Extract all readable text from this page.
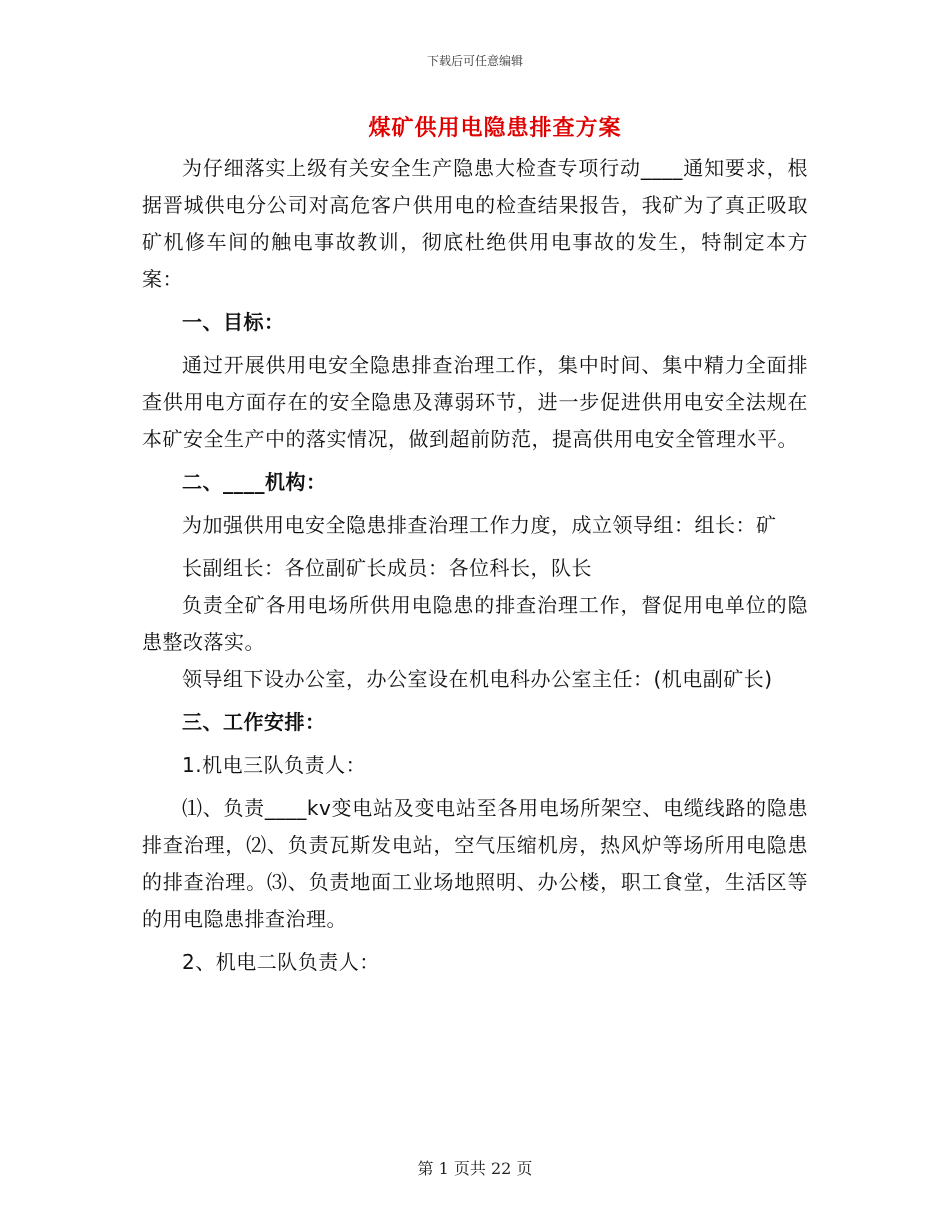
下载后可任意编辑
煤矿供用电隐患排查方案

为仔细落实上级有关安全生产隐患大检查专项行动____通知要求，根据晋城供电分公司对高危客户供用电的检查结果报告，我矿为了真正吸取矿机修车间的触电事故教训，彻底杜绝供用电事故的发生，特制定本方案：

一、目标：

通过开展供用电安全隐患排查治理工作，集中时间、集中精力全面排查供用电方面存在的安全隐患及薄弱环节，进一步促进供用电安全法规在本矿安全生产中的落实情况，做到超前防范，提高供用电安全管理水平。

二、____机构：

为加强供用电安全隐患排查治理工作力度，成立领导组：组长：矿

长副组长：各位副矿长成员：各位科长，队长

负责全矿各用电场所供用电隐患的排查治理工作，督促用电单位的隐患整改落实。

领导组下设办公室，办公室设在机电科办公室主任：(机电副矿长)

三、工作安排：

1.机电三队负责人：

⑴、负责____kv变电站及变电站至各用电场所架空、电缆线路的隐患排查治理，⑵、负责瓦斯发电站，空气压缩机房，热风炉等场所用电隐患的排查治理。⑶、负责地面工业场地照明、办公楼，职工食堂，生活区等的用电隐患排查治理。

2、机电二队负责人：

第 1 页共 22 页
